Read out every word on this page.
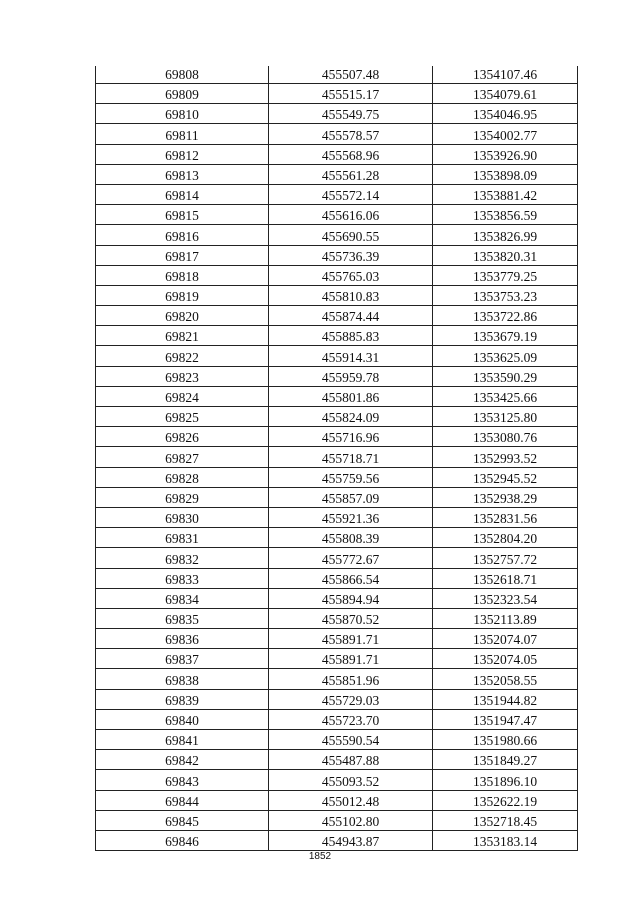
69808	455507.48	1354107.46
69809	455515.17	1354079.61
69810	455549.75	1354046.95
69811	455578.57	1354002.77
69812	455568.96	1353926.90
69813	455561.28	1353898.09
69814	455572.14	1353881.42
69815	455616.06	1353856.59
69816	455690.55	1353826.99
69817	455736.39	1353820.31
69818	455765.03	1353779.25
69819	455810.83	1353753.23
69820	455874.44	1353722.86
69821	455885.83	1353679.19
69822	455914.31	1353625.09
69823	455959.78	1353590.29
69824	455801.86	1353425.66
69825	455824.09	1353125.80
69826	455716.96	1353080.76
69827	455718.71	1352993.52
69828	455759.56	1352945.52
69829	455857.09	1352938.29
69830	455921.36	1352831.56
69831	455808.39	1352804.20
69832	455772.67	1352757.72
69833	455866.54	1352618.71
69834	455894.94	1352323.54
69835	455870.52	1352113.89
69836	455891.71	1352074.07
69837	455891.71	1352074.05
69838	455851.96	1352058.55
69839	455729.03	1351944.82
69840	455723.70	1351947.47
69841	455590.54	1351980.66
69842	455487.88	1351849.27
69843	455093.52	1351896.10
69844	455012.48	1352622.19
69845	455102.80	1352718.45
69846	454943.87	1353183.14
1852
